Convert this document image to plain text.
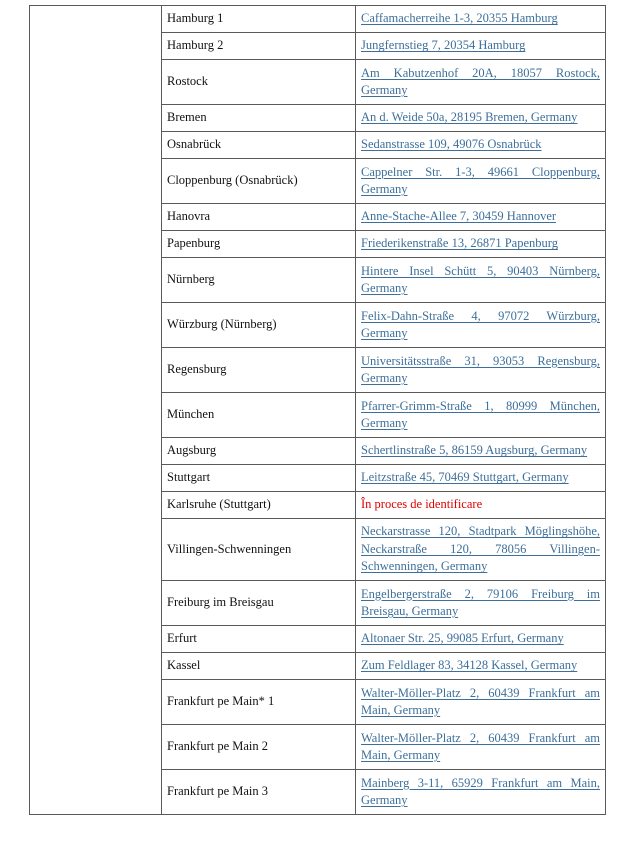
	Hamburg 1	Caffamacherreihe 1-3, 20355 Hamburg
	Hamburg 2	Jungfernstieg 7, 20354 Hamburg
	Rostock	Am Kabutzenhof 20A, 18057 Rostock, Germany
	Bremen	An d. Weide 50a, 28195 Bremen, Germany
	Osnabrück	Sedanstrasse 109, 49076 Osnabrück
	Cloppenburg (Osnabrück)	Cappelner Str. 1-3, 49661 Cloppenburg, Germany
	Hanovra	Anne-Stache-Allee 7, 30459 Hannover
	Papenburg	Friederikenstraße 13, 26871 Papenburg
	Nürnberg	Hintere Insel Schütt 5, 90403 Nürnberg, Germany
	Würzburg (Nürnberg)	Felix-Dahn-Straße 4, 97072 Würzburg, Germany
	Regensburg	Universitätsstraße 31, 93053 Regensburg, Germany
	München	Pfarrer-Grimm-Straße 1, 80999 München, Germany
	Augsburg	Schertlinstraße 5, 86159 Augsburg, Germany
	Stuttgart	Leitzstraße 45, 70469 Stuttgart, Germany
	Karlsruhe (Stuttgart)	În proces de identificare
	Villingen-Schwenningen	Neckarstrasse 120, Stadtpark Möglingshöhe, Neckarstraße 120, 78056 Villingen-Schwenningen, Germany
	Freiburg im Breisgau	Engelbergerstraße 2, 79106 Freiburg im Breisgau, Germany
	Erfurt	Altonaer Str. 25, 99085 Erfurt, Germany
	Kassel	Zum Feldlager 83, 34128 Kassel, Germany
	Frankfurt pe Main* 1	Walter-Möller-Platz 2, 60439 Frankfurt am Main, Germany
	Frankfurt pe Main 2	Walter-Möller-Platz 2, 60439 Frankfurt am Main, Germany
	Frankfurt pe Main 3	Mainberg 3-11, 65929 Frankfurt am Main, Germany
